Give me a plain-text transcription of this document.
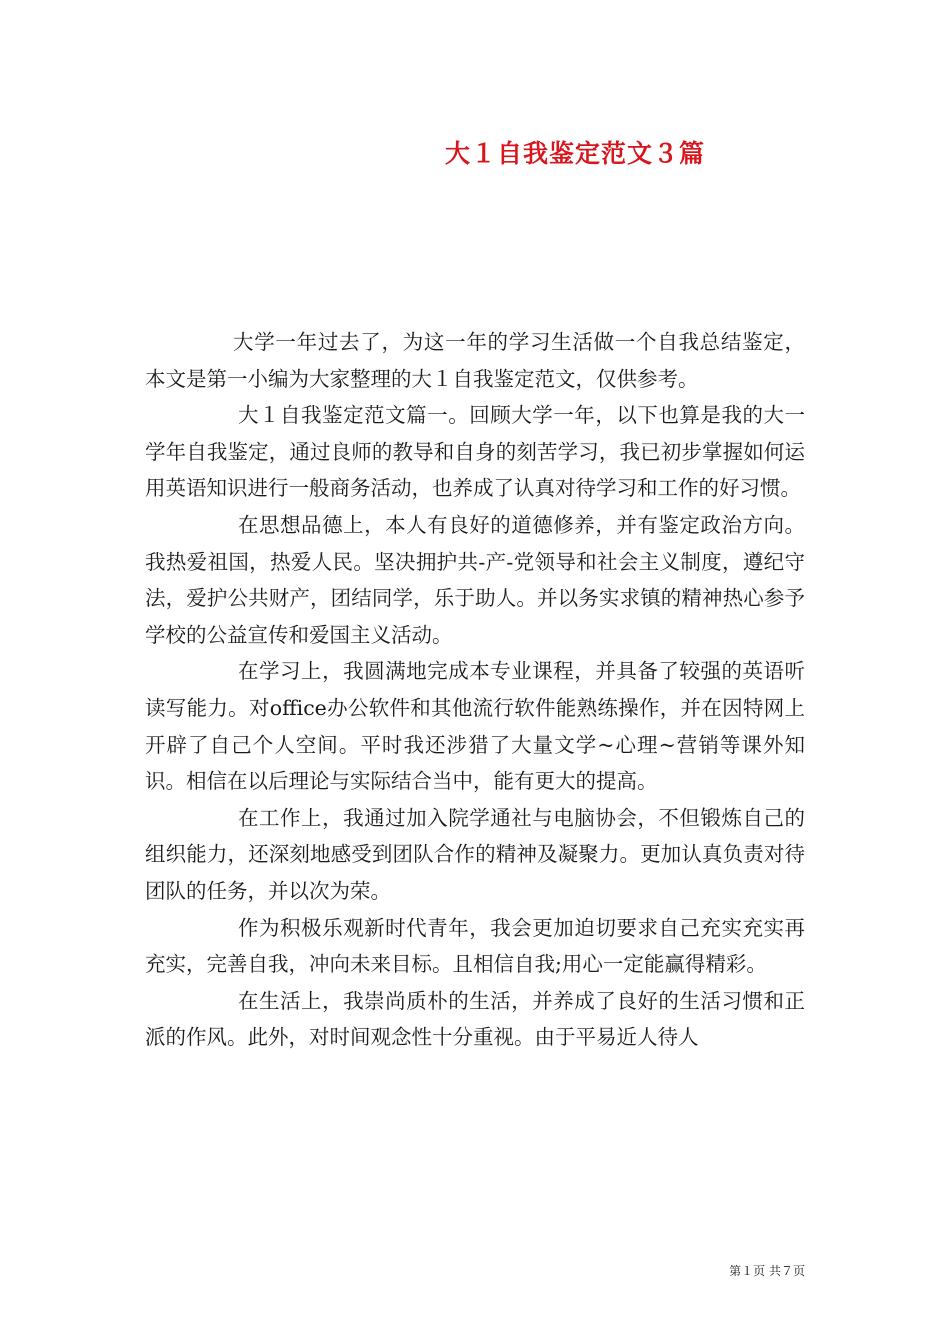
大１自我鉴定范文３篇

大学一年过去了，为这一年的学习生活做一个自我总结鉴定，本文是第一小编为大家整理的大１自我鉴定范文，仅供参考。

大１自我鉴定范文篇一。回顾大学一年，以下也算是我的大一学年自我鉴定，通过良师的教导和自身的刻苦学习，我已初步掌握如何运用英语知识进行一般商务活动，也养成了认真对待学习和工作的好习惯。

在思想品德上，本人有良好的道德修养，并有鉴定政治方向。我热爱祖国，热爱人民。坚决拥护共-产-党领导和社会主义制度，遵纪守法，爱护公共财产，团结同学，乐于助人。并以务实求镇的精神热心参予学校的公益宣传和爱国主义活动。

在学习上，我圆满地完成本专业课程，并具备了较强的英语听读写能力。对office办公软件和其他流行软件能熟练操作，并在因特网上开辟了自己个人空间。平时我还涉猎了大量文学~心理~营销等课外知识。相信在以后理论与实际结合当中，能有更大的提高。

在工作上，我通过加入院学通社与电脑协会，不但锻炼自己的组织能力，还深刻地感受到团队合作的精神及凝聚力。更加认真负责对待团队的任务，并以次为荣。

作为积极乐观新时代青年，我会更加迫切要求自己充实充实再充实，完善自我，冲向未来目标。且相信自我;用心一定能赢得精彩。

在生活上，我崇尚质朴的生活，并养成了良好的生活习惯和正派的作风。此外，对时间观念性十分重视。由于平易近人待人

第１页 共７页
